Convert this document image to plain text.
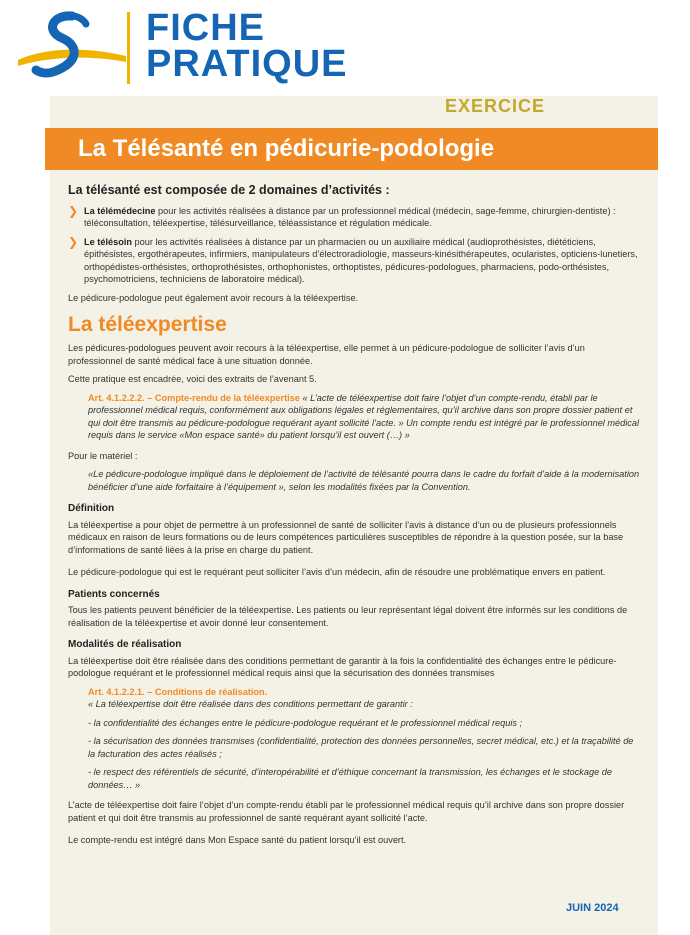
FICHE
PRATIQUE
EXERCICE
La Télésanté en pédicurie-podologie
La télésanté est composée de 2 domaines d’activités :
❯ La télémédecine pour les activités réalisées à distance par un professionnel médical (médecin, sage-femme, chirurgien-dentiste) : téléconsultation, téléexpertise, télésurveillance, téléassistance et régulation médicale.
❯ Le télésoin pour les activités réalisées à distance par un pharmacien ou un auxiliaire médical (audioprothésistes, diététiciens, épithésistes, ergothérapeutes, infirmiers, manipulateurs d’électroradiologie, masseurs-kinésithérapeutes, ocularistes, opticiens-lunetiers, orthopédistes-orthésistes, orthoprothésistes, orthophonistes, orthoptistes, pédicures-podologues, pharmaciens, podo-orthésistes, psychomotriciens, techniciens de laboratoire médical).

Le pédicure-podologue peut également avoir recours à la téléexpertise.

La téléexpertise

Les pédicures-podologues peuvent avoir recours à la téléexpertise, elle permet à un pédicure-podologue de solliciter l’avis d’un professionnel de santé médical face à une situation donnée.

Cette pratique est encadrée, voici des extraits de l’avenant 5.

Art. 4.1.2.2.2. – Compte-rendu de la téléexpertise « L’acte de téléexpertise doit faire l’objet d’un compte-rendu, établi par le professionnel médical requis, conformément aux obligations légales et réglementaires, qu’il archive dans son propre dossier patient et qui doit être transmis au pédicure-podologue requérant ayant sollicité l’acte. » Un compte rendu est intégré par le professionnel médical requis dans le service «Mon espace santé» du patient lorsqu’il est ouvert (…) »

Pour le matériel :

«Le pédicure-podologue impliqué dans le déploiement de l’activité de télésanté pourra dans le cadre du forfait d’aide à la modernisation bénéficier d’une aide forfaitaire à l’équipement », selon les modalités fixées par la Convention.

Définition

La téléexpertise a pour objet de permettre à un professionnel de santé de solliciter l’avis à distance d’un ou de plusieurs professionnels médicaux en raison de leurs formations ou de leurs compétences particulières susceptibles de répondre à la question posée, sur la base d’informations de santé liées à la prise en charge du patient.

Le pédicure-podologue qui est le requérant peut solliciter l’avis d’un médecin, afin de résoudre une problématique envers en patient.

Patients concernés

Tous les patients peuvent bénéficier de la téléexpertise. Les patients ou leur représentant légal doivent être informés sur les conditions de réalisation de la téléexpertise et avoir donné leur consentement.

Modalités de réalisation

La téléexpertise doit être réalisée dans des conditions permettant de garantir à la fois la confidentialité des échanges entre le pédicure-podologue requérant et le professionnel médical requis ainsi que la sécurisation des données transmises

Art. 4.1.2.2.1. – Conditions de réalisation.

« La téléexpertise doit être réalisée dans des conditions permettant de garantir :

- la confidentialité des échanges entre le pédicure-podologue requérant et le professionnel médical requis ;

- la sécurisation des données transmises (confidentialité, protection des données personnelles, secret médical, etc.) et la traçabilité de la facturation des actes réalisés ;

- le respect des référentiels de sécurité, d’interopérabilité et d’éthique concernant la transmission, les échanges et le stockage de données… »

L’acte de téléexpertise doit faire l’objet d’un compte-rendu établi par le professionnel médical requis qu’il archive dans son propre dossier patient et qui doit être transmis au professionnel de santé requérant ayant sollicité l’acte.

Le compte-rendu est intégré dans Mon Espace santé du patient lorsqu’il est ouvert.

JUIN 2024
